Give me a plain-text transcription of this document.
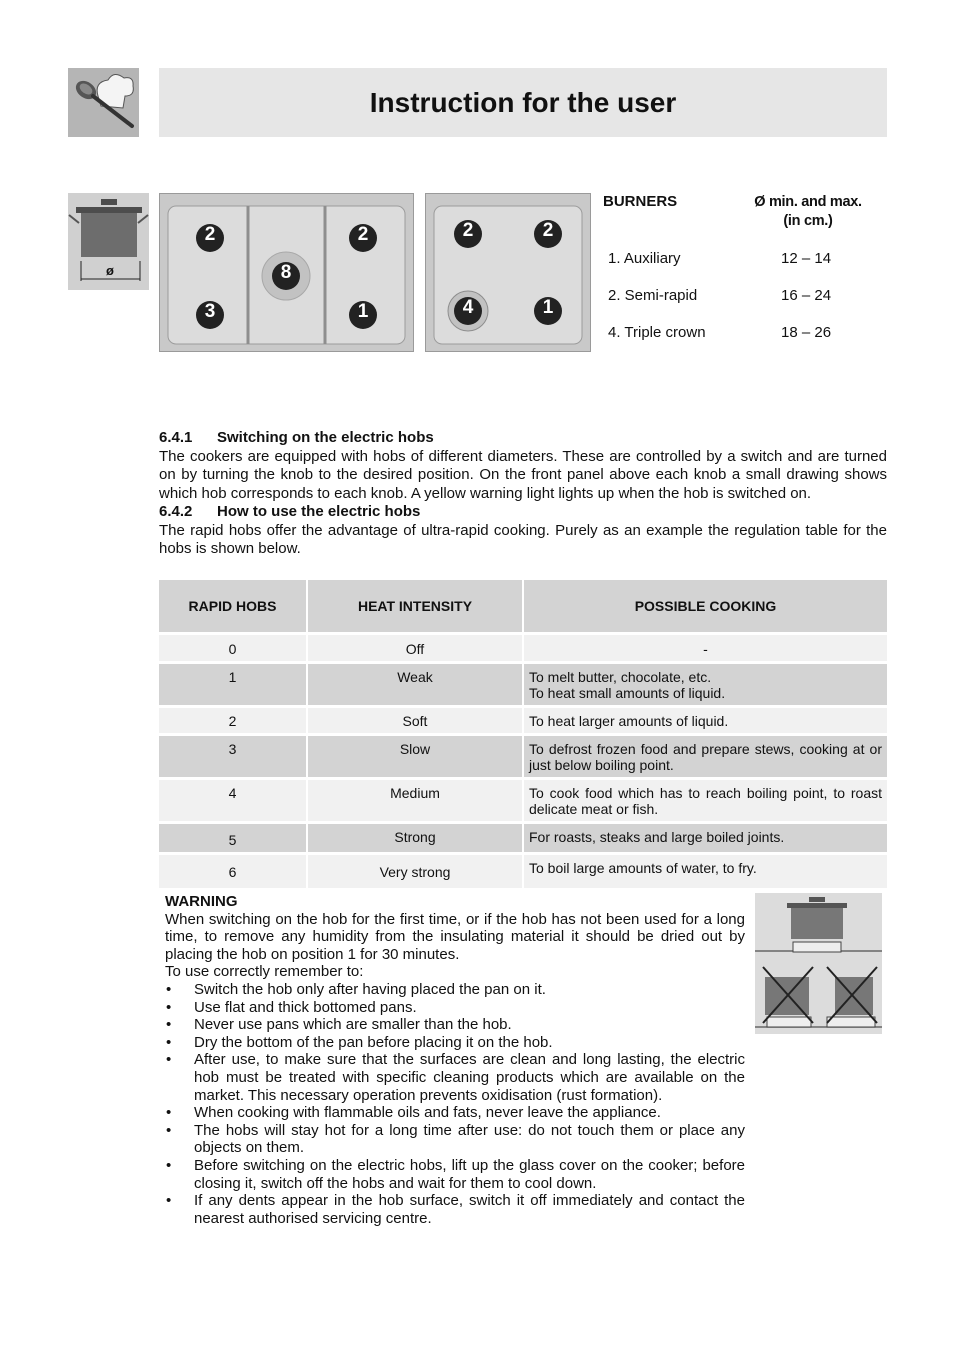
Instruction for the user
ø
2
8
2
3	1
2	2
4	1
BURNERS	Ø min. and max.
(in cm.)
1. Auxiliary	12 – 14
2. Semi-rapid	16 – 24
4. Triple crown	18 – 26
6.4.1 Switching on the electric hobs
The cookers are equipped with hobs of different diameters. These are controlled by a switch and are turned on by turning the knob to the desired position. On the front panel above each knob a small drawing shows which hob corresponds to each knob. A yellow warning light lights up when the hob is switched on.
6.4.2 How to use the electric hobs
The rapid hobs offer the advantage of ultra-rapid cooking. Purely as an example the regulation table for the hobs is shown below.
RAPID HOBS	HEAT INTENSITY	POSSIBLE COOKING
0	Off	-
1	Weak	To melt butter, chocolate, etc.
To heat small amounts of liquid.
2	Soft	To heat larger amounts of liquid.
3	Slow	To defrost frozen food and prepare stews, cooking at or just below boiling point.
4	Medium	To cook food which has to reach boiling point, to roast delicate meat or fish.
5	Strong	For roasts, steaks and large boiled joints.
6	Very strong	To boil large amounts of water, to fry.
WARNING
When switching on the hob for the first time, or if the hob has not been used for a long time, to remove any humidity from the insulating material it should be dried out by placing the hob on position 1 for 30 minutes.
To use correctly remember to:
• Switch the hob only after having placed the pan on it.
• Use flat and thick bottomed pans.
• Never use pans which are smaller than the hob.
• Dry the bottom of the pan before placing it on the hob.
• After use, to make sure that the surfaces are clean and long lasting, the electric hob must be treated with specific cleaning products which are available on the market. This necessary operation prevents oxidisation (rust formation).
• When cooking with flammable oils and fats, never leave the appliance.
• The hobs will stay hot for a long time after use: do not touch them or place any objects on them.
• Before switching on the electric hobs, lift up the glass cover on the cooker; before closing it, switch off the hobs and wait for them to cool down.
• If any dents appear in the hob surface, switch it off immediately and contact the nearest authorised servicing centre.
